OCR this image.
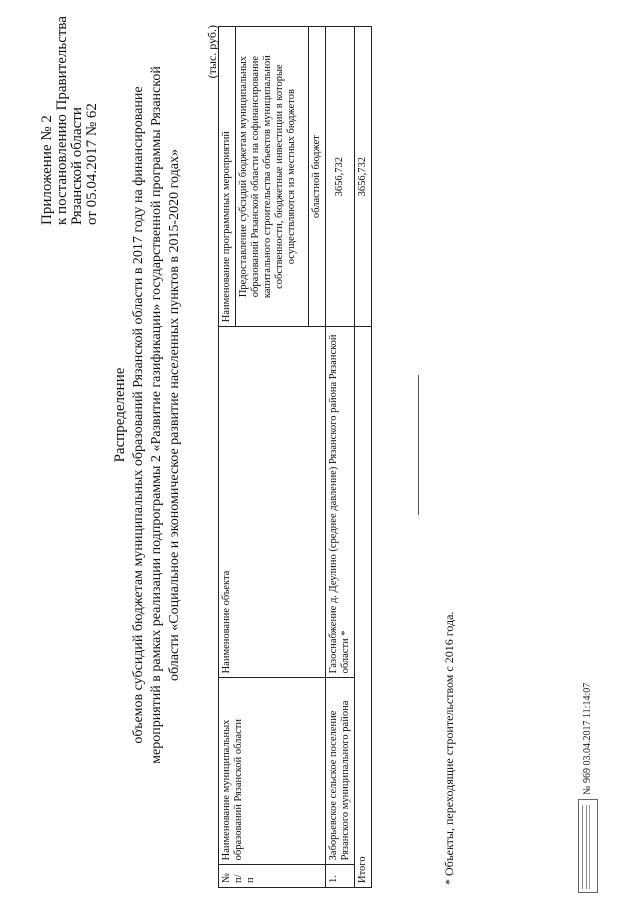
Приложение № 2 к постановлению Правительства Рязанской области от 05.04.2017 № 62
Распределение объемов субсидий бюджетам муниципальных образований Рязанской области в 2017 году на финансирование мероприятий в рамках реализации подпрограммы 2 «Развитие газификации» государственной программы Рязанской области «Социальное и экономическое развитие населенных пунктов в 2015-2020 годах»
(тыс. руб.)
№ п/п	Наименование муниципальных образований Рязанской области	Наименование объекта	Наименование программных мероприятий
			Предоставление субсидий бюджетам муниципальных образований Рязанской области на софинансирование капитального строительства объектов муниципальной собственности, бюджетные инвестиции в которые осуществляются из местных бюджетов
			областной бюджет
1.	Заборьевское сельское поселение Рязанского муниципального района	Газоснабжение д. Деулино (среднее давление) Рязанского района Рязанской области *	3656,732
Итого			3656,732
* Объекты, переходящие строительством с 2016 года.	№ 969 03.04.2017 11:14:07
